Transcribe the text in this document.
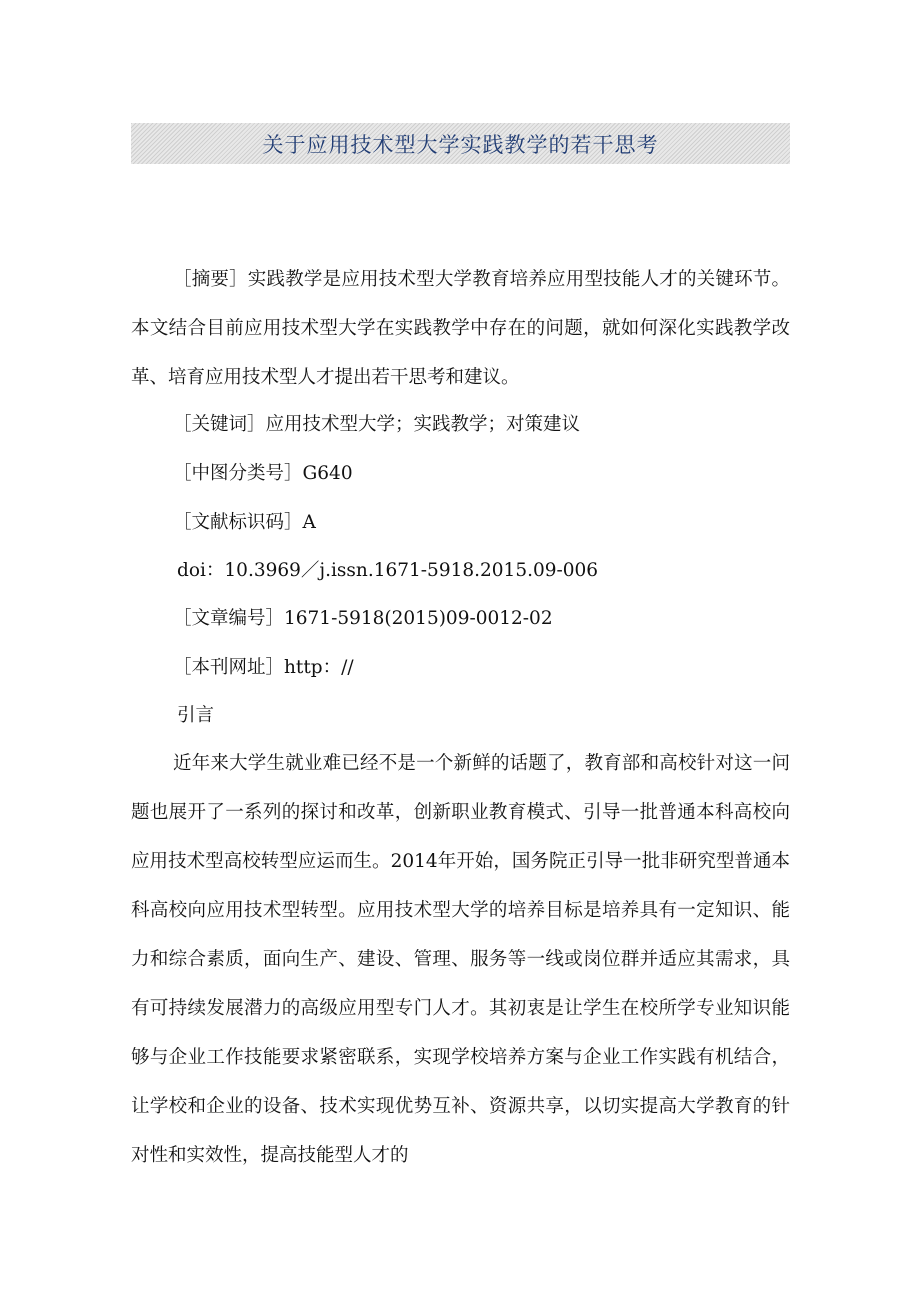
关于应用技术型大学实践教学的若干思考

［摘要］实践教学是应用技术型大学教育培养应用型技能人才的关键环节。本文结合目前应用技术型大学在实践教学中存在的问题，就如何深化实践教学改革、培育应用技术型人才提出若干思考和建议。

［关键词］应用技术型大学；实践教学；对策建议
［中图分类号］G640
［文献标识码］A
doi：10.3969／j.issn.1671-5918.2015.09-006
［文章编号］1671-5918(2015)09-0012-02
［本刊网址］http：//
引言

近年来大学生就业难已经不是一个新鲜的话题了，教育部和高校针对这一问题也展开了一系列的探讨和改革，创新职业教育模式、引导一批普通本科高校向应用技术型高校转型应运而生。2014年开始，国务院正引导一批非研究型普通本科高校向应用技术型转型。应用技术型大学的培养目标是培养具有一定知识、能力和综合素质，面向生产、建设、管理、服务等一线或岗位群并适应其需求，具有可持续发展潜力的高级应用型专门人才。其初衷是让学生在校所学专业知识能够与企业工作技能要求紧密联系，实现学校培养方案与企业工作实践有机结合，让学校和企业的设备、技术实现优势互补、资源共享，以切实提高大学教育的针对性和实效性，提高技能型人才的
